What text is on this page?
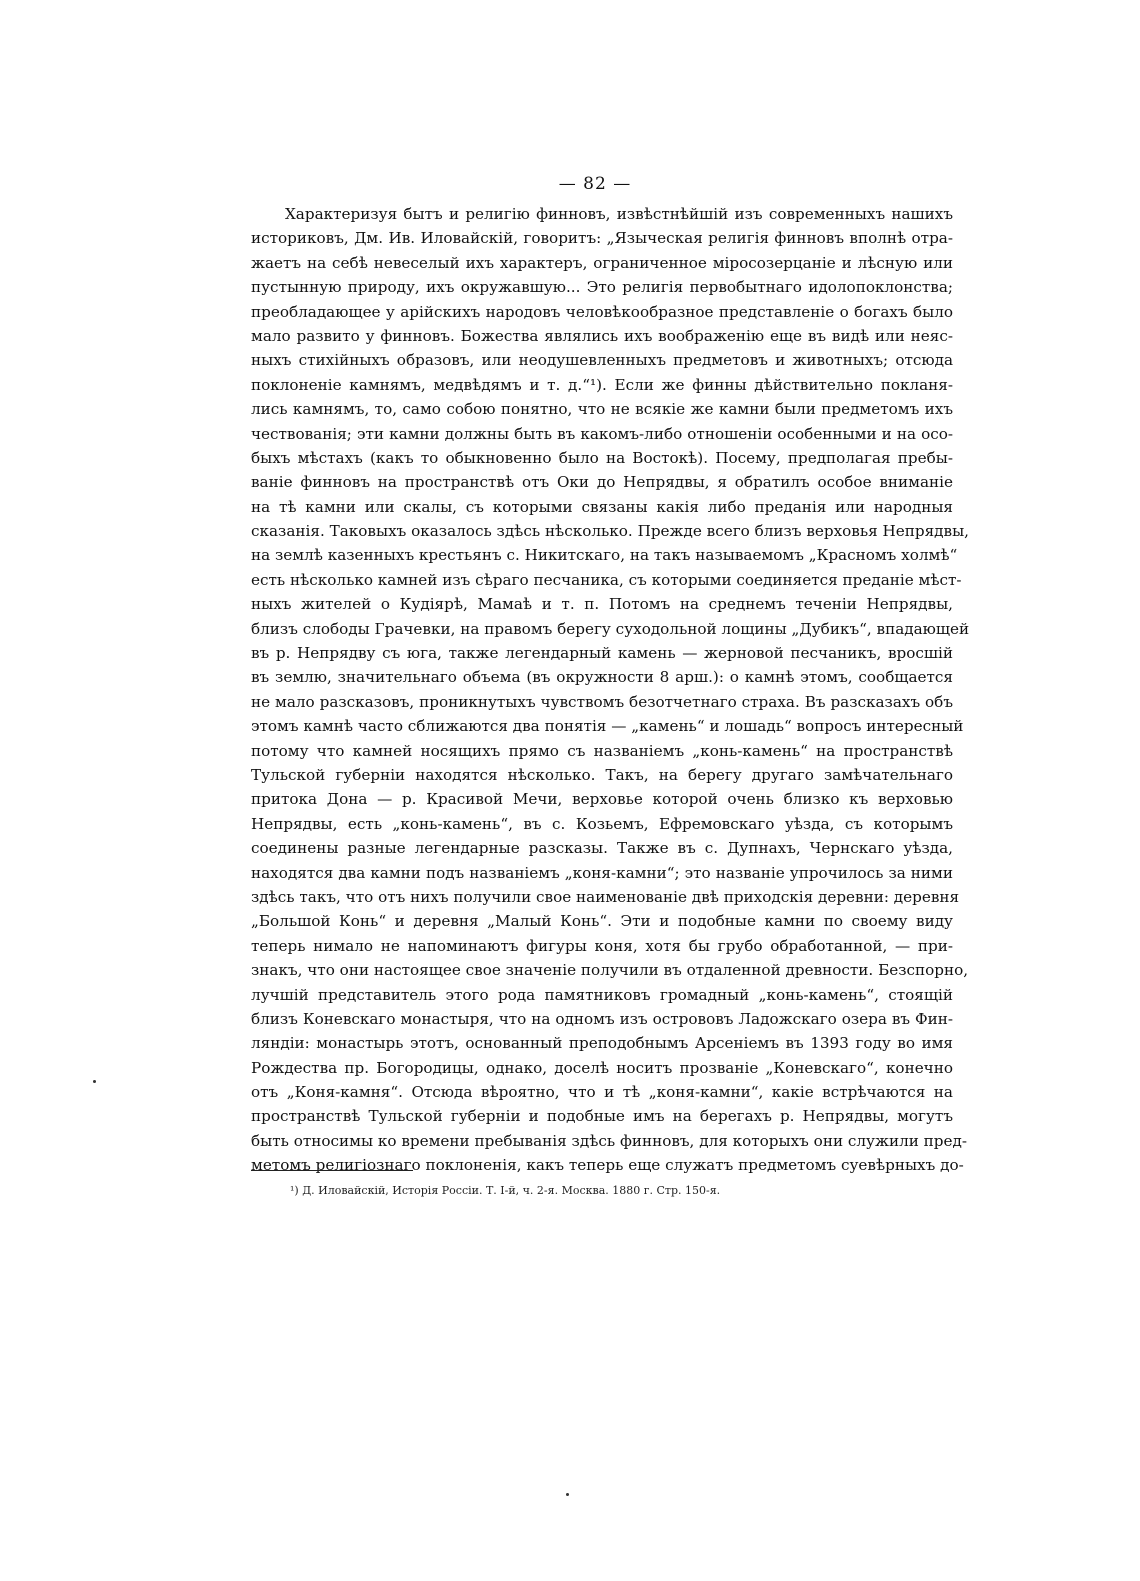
— 82 —
Характеризуя бытъ и религію финновъ, извѣстнѣйшій изъ современныхъ нашихъ
историковъ, Дм. Ив. Иловайскій, говоритъ: „Языческая религія финновъ вполнѣ отра-
жаетъ на себѣ невеселый ихъ характеръ, ограниченное міросозерцаніе и лѣсную или
пустынную природу, ихъ окружавшую... Это религія первобытнаго идолопоклонства;
преобладающее у арійскихъ народовъ человѣкообразное представленіе о богахъ было
мало развито у финновъ. Божества являлись ихъ воображенію еще въ видѣ или неяс-
ныхъ стихійныхъ образовъ, или неодушевленныхъ предметовъ и животныхъ; отсюда
поклоненіе камнямъ, медвѣдямъ и т. д.“¹). Если же финны дѣйствительно покланя-
лись камнямъ, то, само собою понятно, что не всякіе же камни были предметомъ ихъ
чествованія; эти камни должны быть въ какомъ-либо отношеніи особенными и на осо-
быхъ мѣстахъ (какъ то обыкновенно было на Востокѣ). Посему, предполагая пребы-
ваніе финновъ на пространствѣ отъ Оки до Непрядвы, я обратилъ особое вниманіе
на тѣ камни или скалы, съ которыми связаны какія либо преданія или народныя
сказанія. Таковыхъ оказалось здѣсь нѣсколько. Прежде всего близъ верховья Непрядвы,
на землѣ казенныхъ крестьянъ с. Никитскаго, на такъ называемомъ „Красномъ холмѣ“
есть нѣсколько камней изъ сѣраго песчаника, съ которыми соединяется преданіе мѣст-
ныхъ жителей о Кудіярѣ, Мамаѣ и т. п. Потомъ на среднемъ теченіи Непрядвы,
близъ слободы Грачевки, на правомъ берегу суходольной лощины „Дубикъ“, впадающей
въ р. Непрядву съ юга, также легендарный камень — жерновой песчаникъ, вросшій
въ землю, значительнаго объема (въ окружности 8 арш.): о камнѣ этомъ, сообщается
не мало разсказовъ, проникнутыхъ чувствомъ безотчетнаго страха. Въ разсказахъ объ
этомъ камнѣ часто сближаются два понятія — „камень“ и лошадь“ вопросъ интересный
потому что камней носящихъ прямо съ названіемъ „конь-камень“ на пространствѣ
Тульской губерніи находятся нѣсколько. Такъ, на берегу другаго замѣчательнаго
притока Дона — р. Красивой Мечи, верховье которой очень близко къ верховью
Непрядвы, есть „конь-камень“, въ с. Козьемъ, Ефремовскаго уѣзда, съ которымъ
соединены разные легендарные разсказы. Также въ с. Дупнахъ, Чернскаго уѣзда,
находятся два камни подъ названіемъ „коня-камни“; это названіе упрочилось за ними
здѣсь такъ, что отъ нихъ получили свое наименованіе двѣ приходскія деревни: деревня
„Большой Конь“ и деревня „Малый Конь“. Эти и подобные камни по своему виду
теперь нимало не напоминаютъ фигуры коня, хотя бы грубо обработанной, — при-
знакъ, что они настоящее свое значеніе получили въ отдаленной древности. Безспорно,
лучшій представитель этого рода памятниковъ громадный „конь-камень“, стоящій
близъ Коневскаго монастыря, что на одномъ изъ острововъ Ладожскаго озера въ Фин-
ляндіи: монастырь этотъ, основанный преподобнымъ Арсеніемъ въ 1393 году во имя
Рождества пр. Богородицы, однако, доселѣ носитъ прозваніе „Коневскаго“, конечно
отъ „Коня-камня“. Отсюда вѣроятно, что и тѣ „коня-камни“, какіе встрѣчаются на
пространствѣ Тульской губерніи и подобные имъ на берегахъ р. Непрядвы, могутъ
быть относимы ко времени пребыванія здѣсь финновъ, для которыхъ они служили пред-
метомъ религіознаго поклоненія, какъ теперь еще служатъ предметомъ суевѣрныхъ до-
¹) Д. Иловайскій, Исторія Россіи. Т. I-й, ч. 2-я. Москва. 1880 г. Стр. 150-я.
